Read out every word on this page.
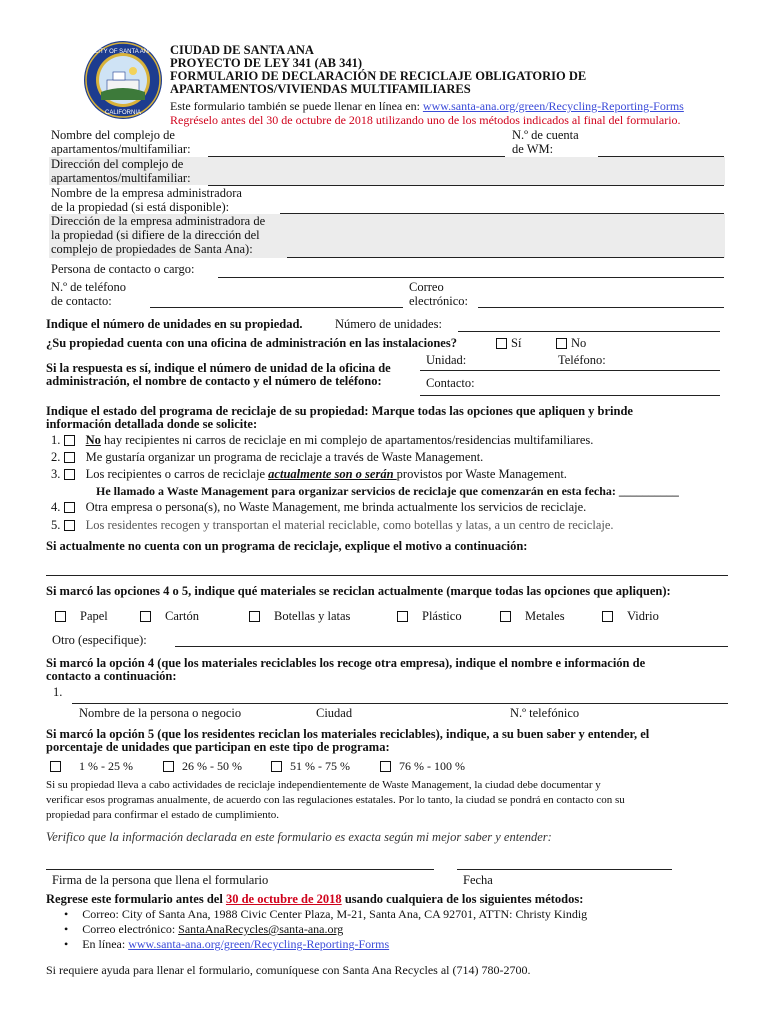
CITY OF SANTA ANA
CALIFORNIA
CIUDAD DE SANTA ANA
PROYECTO DE LEY 341 (AB 341)
FORMULARIO DE DECLARACIÓN DE RECICLAJE OBLIGATORIO DE
APARTAMENTOS/VIVIENDAS MULTIFAMILIARES
Este formulario también se puede llenar en línea en: www.santa-ana.org/green/Recycling-Reporting-Forms
Regréselo antes del 30 de octubre de 2018 utilizando uno de los métodos indicados al final del formulario.
Nombre del complejo de
apartamentos/multifamiliar:
N.º de cuenta
de WM:
Dirección del complejo de
apartamentos/multifamiliar:
Nombre de la empresa administradora
de la propiedad (si está disponible):
Dirección de la empresa administradora de
la propiedad (si difiere de la dirección del
complejo de propiedades de Santa Ana):
Persona de contacto o cargo:
N.º de teléfono
de contacto:
Correo
electrónico:
Indique el número de unidades en su propiedad.	Número de unidades:
¿Su propiedad cuenta con una oficina de administración en las instalaciones?	Sí	No
Si la respuesta es sí, indique el número de unidad de la oficina de
administración, el nombre de contacto y el número de teléfono:
Unidad:	Teléfono:
Contacto:
Indique el estado del programa de reciclaje de su propiedad: Marque todas las opciones que apliquen y brinde
información detallada donde se solicite:
1. No hay recipientes ni carros de reciclaje en mi complejo de apartamentos/residencias multifamiliares.
2. Me gustaría organizar un programa de reciclaje a través de Waste Management.
3. Los recipientes o carros de reciclaje actualmente son o serán provistos por Waste Management.
He llamado a Waste Management para organizar servicios de reciclaje que comenzarán en esta fecha: __________
4. Otra empresa o persona(s), no Waste Management, me brinda actualmente los servicios de reciclaje.
5. Los residentes recogen y transportan el material reciclable, como botellas y latas, a un centro de reciclaje.
Si actualmente no cuenta con un programa de reciclaje, explique el motivo a continuación:
Si marcó las opciones 4 o 5, indique qué materiales se reciclan actualmente (marque todas las opciones que apliquen):
Papel	Cartón	Botellas y latas	Plástico	Metales	Vidrio
Otro (especifique):
Si marcó la opción 4 (que los materiales reciclables los recoge otra empresa), indique el nombre e información de
contacto a continuación:
1.
Nombre de la persona o negocio	Ciudad	N.º telefónico
Si marcó la opción 5 (que los residentes reciclan los materiales reciclables), indique, a su buen saber y entender, el
porcentaje de unidades que participan en este tipo de programa:
1 % - 25 %	26 % - 50 %	51 % - 75 %	76 % - 100 %
Si su propiedad lleva a cabo actividades de reciclaje independientemente de Waste Management, la ciudad debe documentar y
verificar esos programas anualmente, de acuerdo con las regulaciones estatales. Por lo tanto, la ciudad se pondrá en contacto con su
propiedad para confirmar el estado de cumplimiento.
Verifico que la información declarada en este formulario es exacta según mi mejor saber y entender:
Firma de la persona que llena el formulario	Fecha
Regrese este formulario antes del 30 de octubre de 2018 usando cualquiera de los siguientes métodos:
• Correo: City of Santa Ana, 1988 Civic Center Plaza, M-21, Santa Ana, CA 92701, ATTN: Christy Kindig
• Correo electrónico: SantaAnaRecycles@santa-ana.org
• En línea: www.santa-ana.org/green/Recycling-Reporting-Forms
Si requiere ayuda para llenar el formulario, comuníquese con Santa Ana Recycles al (714) 780-2700.
